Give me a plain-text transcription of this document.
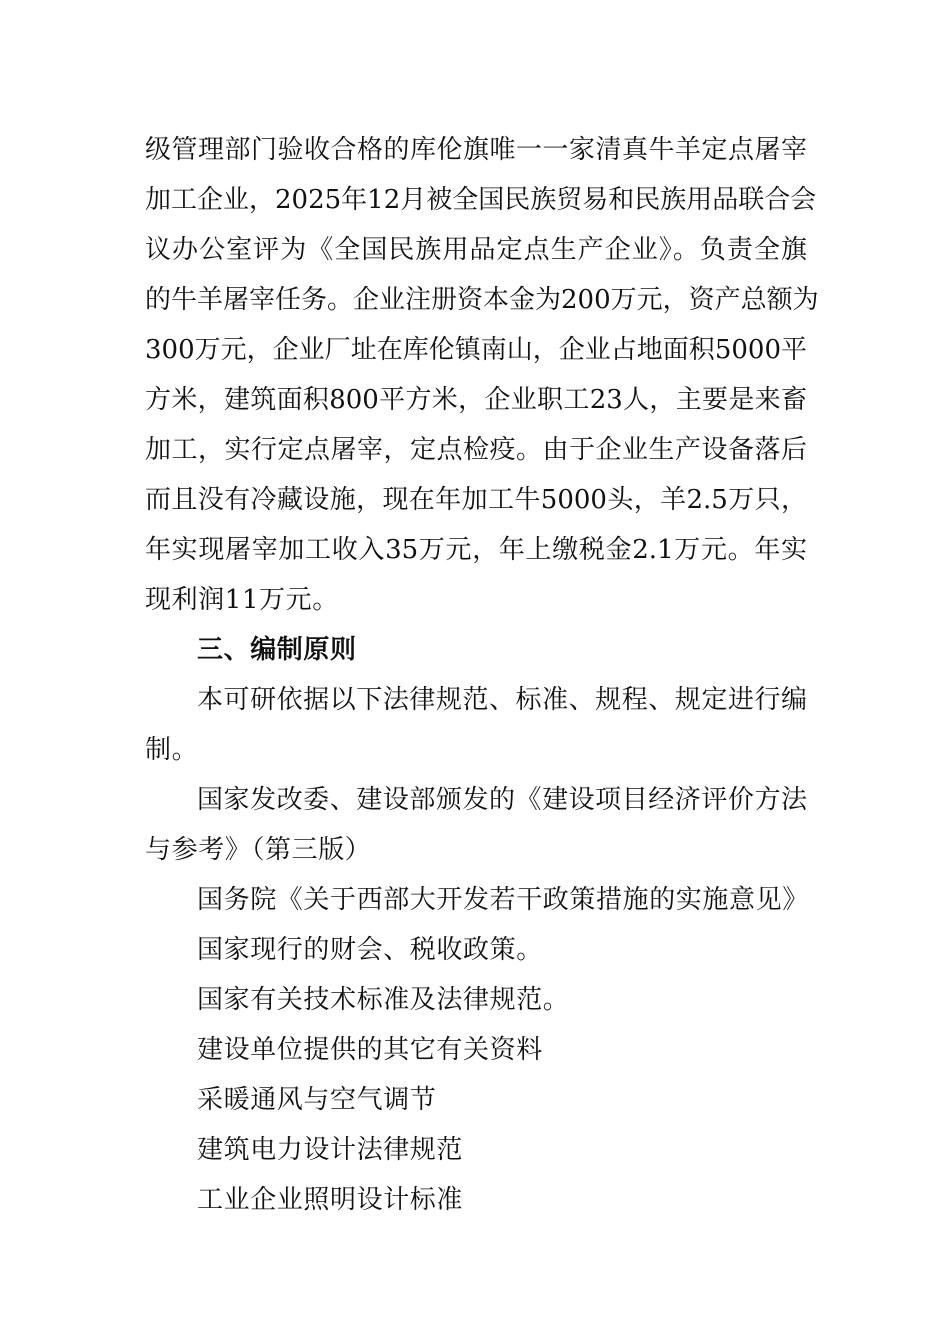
级管理部门验收合格的库伦旗唯一一家清真牛羊定点屠宰
加工企业，2025年12月被全国民族贸易和民族用品联合会
议办公室评为《全国民族用品定点生产企业》。负责全旗
的牛羊屠宰任务。企业注册资本金为200万元，资产总额为
300万元，企业厂址在库伦镇南山，企业占地面积5000平
方米，建筑面积800平方米，企业职工23人，主要是来畜
加工，实行定点屠宰，定点检疫。由于企业生产设备落后
而且没有冷藏设施，现在年加工牛5000头，羊2.5万只，
年实现屠宰加工收入35万元，年上缴税金2.1万元。年实
现利润11万元。
三、编制原则
本可研依据以下法律规范、标准、规程、规定进行编
制。
国家发改委、建设部颁发的《建设项目经济评价方法
与参考》（第三版）
国务院《关于西部大开发若干政策措施的实施意见》
国家现行的财会、税收政策。
国家有关技术标准及法律规范。
建设单位提供的其它有关资料
采暖通风与空气调节
建筑电力设计法律规范
工业企业照明设计标准
